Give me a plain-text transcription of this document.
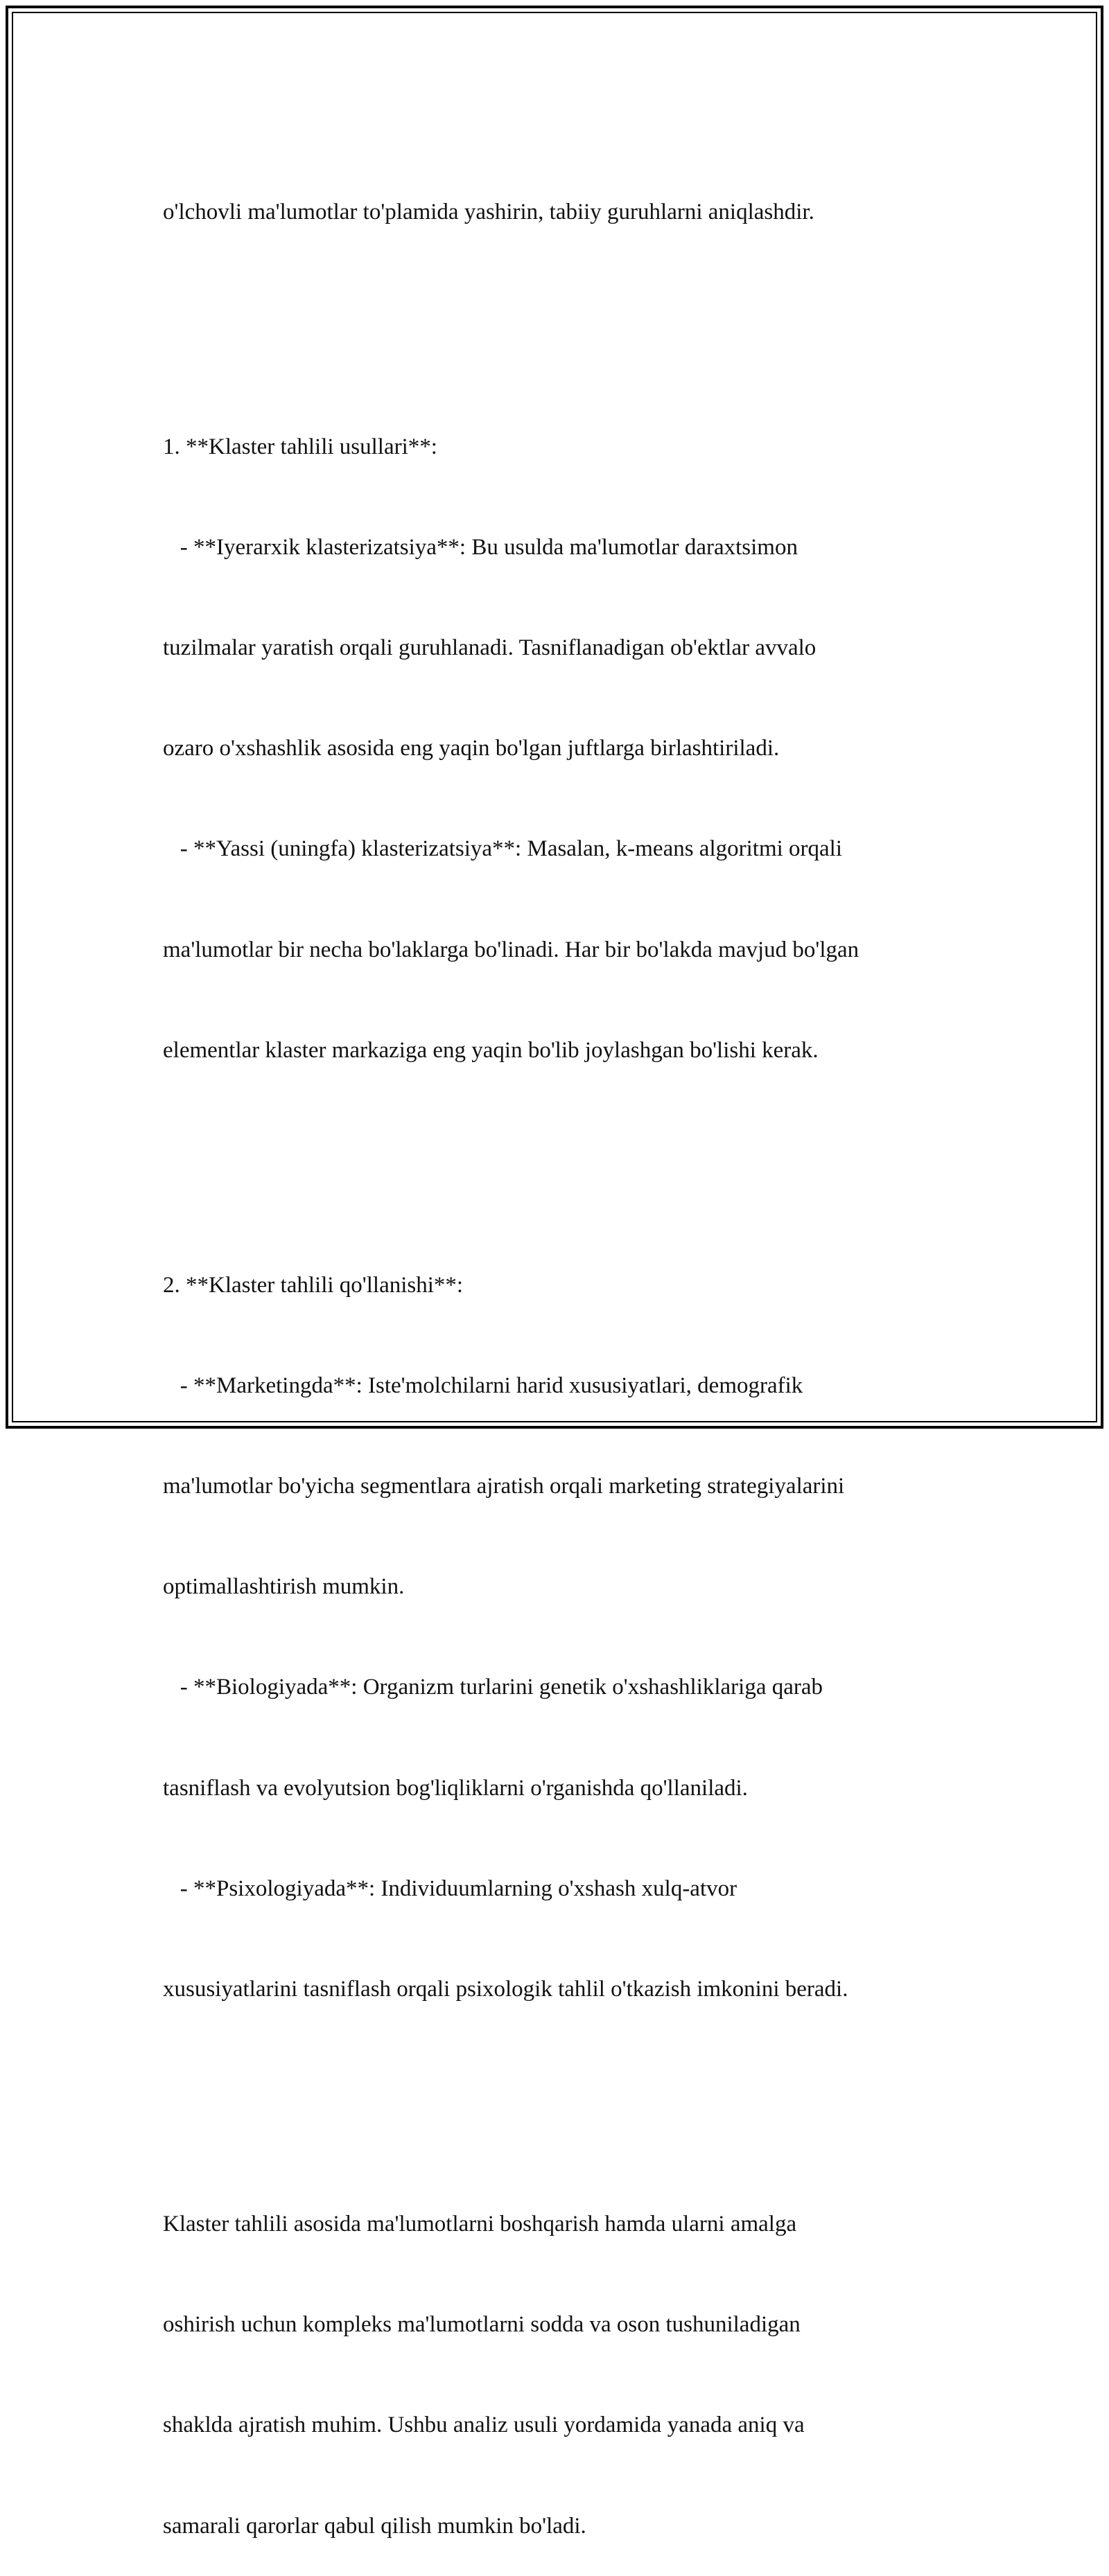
o'lchovli ma'lumotlar to'plamida yashirin, tabiiy guruhlarni aniqlashdir.

1. **Klaster tahlili usullari**:

- **Iyerarxik klasterizatsiya**: Bu usulda ma'lumotlar daraxtsimon

tuzilmalar yaratish orqali guruhlanadi. Tasniflanadigan ob'ektlar avvalo

ozaro o'xshashlik asosida eng yaqin bo'lgan juftlarga birlashtiriladi.

- **Yassi (uningfa) klasterizatsiya**: Masalan, k-means algoritmi orqali

ma'lumotlar bir necha bo'laklarga bo'linadi. Har bir bo'lakda mavjud bo'lgan

elementlar klaster markaziga eng yaqin bo'lib joylashgan bo'lishi kerak.

2. **Klaster tahlili qo'llanishi**:

- **Marketingda**: Iste'molchilarni harid xususiyatlari, demografik

ma'lumotlar bo'yicha segmentlara ajratish orqali marketing strategiyalarini

optimallashtirish mumkin.

- **Biologiyada**: Organizm turlarini genetik o'xshashliklariga qarab

tasniflash va evolyutsion bog'liqliklarni o'rganishda qo'llaniladi.

- **Psixologiyada**: Individuumlarning o'xshash xulq-atvor

xususiyatlarini tasniflash orqali psixologik tahlil o'tkazish imkonini beradi.

Klaster tahlili asosida ma'lumotlarni boshqarish hamda ularni amalga

oshirish uchun kompleks ma'lumotlarni sodda va oson tushuniladigan

shaklda ajratish muhim. Ushbu analiz usuli yordamida yanada aniq va

samarali qarorlar qabul qilish mumkin bo'ladi.
